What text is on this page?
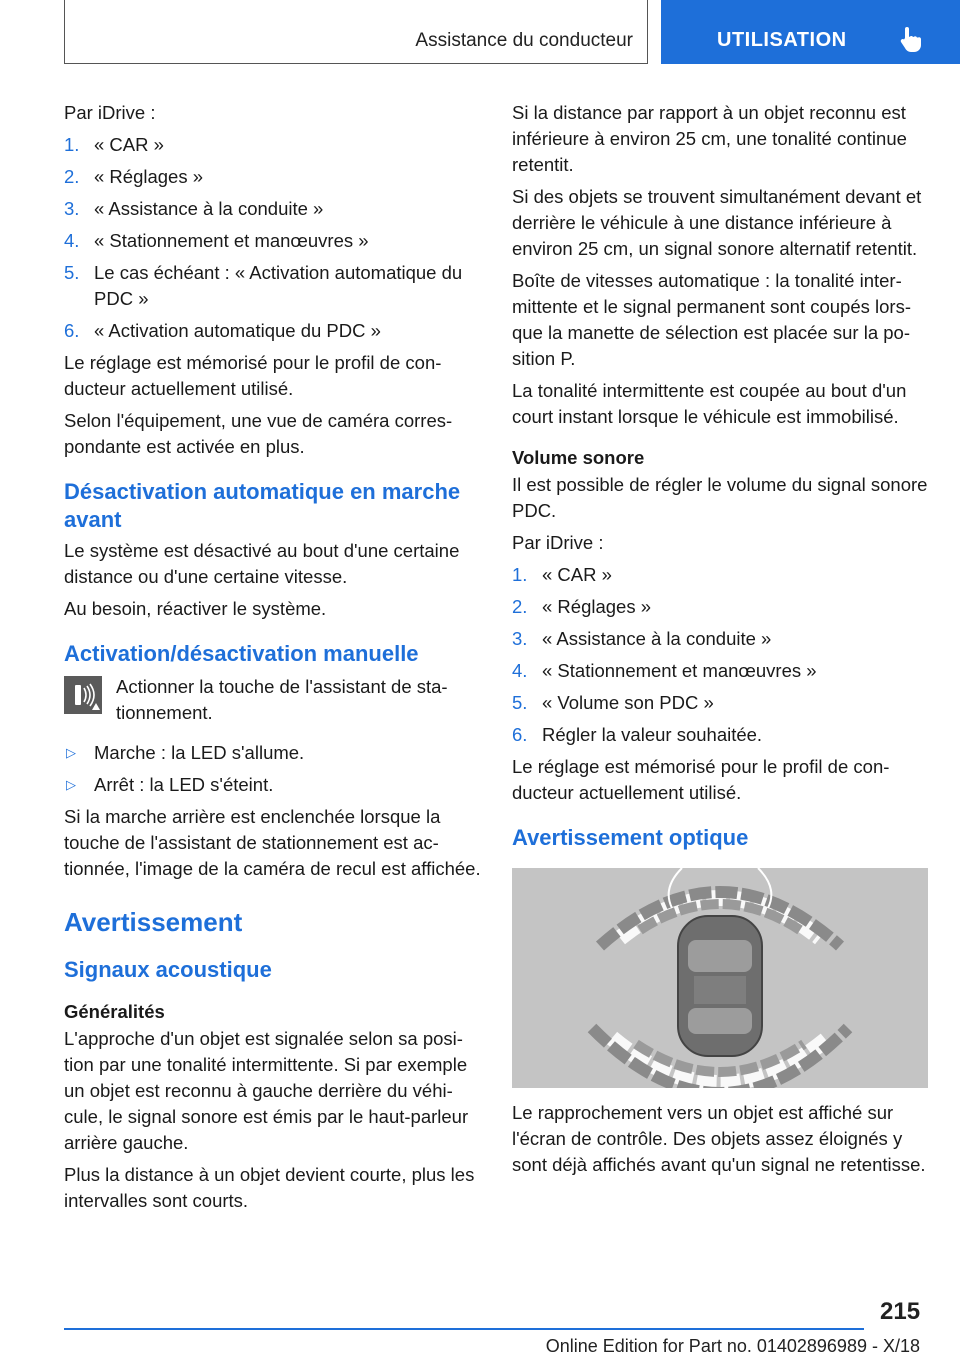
Assistance du conducteur	UTILISATION

Par iDrive :

1. « CAR »
2. « Réglages »
3. « Assistance à la conduite »
4. « Stationnement et manœuvres »
5. Le cas échéant : « Activation automatique du PDC »
6. « Activation automatique du PDC »

Le réglage est mémorisé pour le profil de conducteur actuellement utilisé.

Selon l'équipement, une vue de caméra correspondante est activée en plus.

Désactivation automatique en marche avant

Le système est désactivé au bout d'une certaine distance ou d'une certaine vitesse.

Au besoin, réactiver le système.

Activation/désactivation manuelle
Actionner la touche de l'assistant de stationnement.
▷ Marche : la LED s'allume.
▷ Arrêt : la LED s'éteint.

Si la marche arrière est enclenchée lorsque la touche de l'assistant de stationnement est actionnée, l'image de la caméra de recul est affichée.

Avertissement
Signaux acoustique
Généralités

L'approche d'un objet est signalée selon sa position par une tonalité intermittente. Si par exemple un objet est reconnu à gauche derrière du véhicule, le signal sonore est émis par le haut-parleur arrière gauche.

Plus la distance à un objet devient courte, plus les intervalles sont courts.

Si la distance par rapport à un objet reconnu est inférieure à environ 25 cm, une tonalité continue retentit.

Si des objets se trouvent simultanément devant et derrière le véhicule à une distance inférieure à environ 25 cm, un signal sonore alternatif retentit.

Boîte de vitesses automatique : la tonalité intermittente et le signal permanent sont coupés lorsque la manette de sélection est placée sur la position P.

La tonalité intermittente est coupée au bout d'un court instant lorsque le véhicule est immobilisé.

Volume sonore

Il est possible de régler le volume du signal sonore PDC.

Par iDrive :

1. « CAR »
2. « Réglages »
3. « Assistance à la conduite »
4. « Stationnement et manœuvres »
5. « Volume son PDC »
6. Régler la valeur souhaitée.

Le réglage est mémorisé pour le profil de conducteur actuellement utilisé.

Avertissement optique

Le rapprochement vers un objet est affiché sur l'écran de contrôle. Des objets assez éloignés y sont déjà affichés avant qu'un signal ne retentisse.

215
Online Edition for Part no. 01402896989 - X/18
